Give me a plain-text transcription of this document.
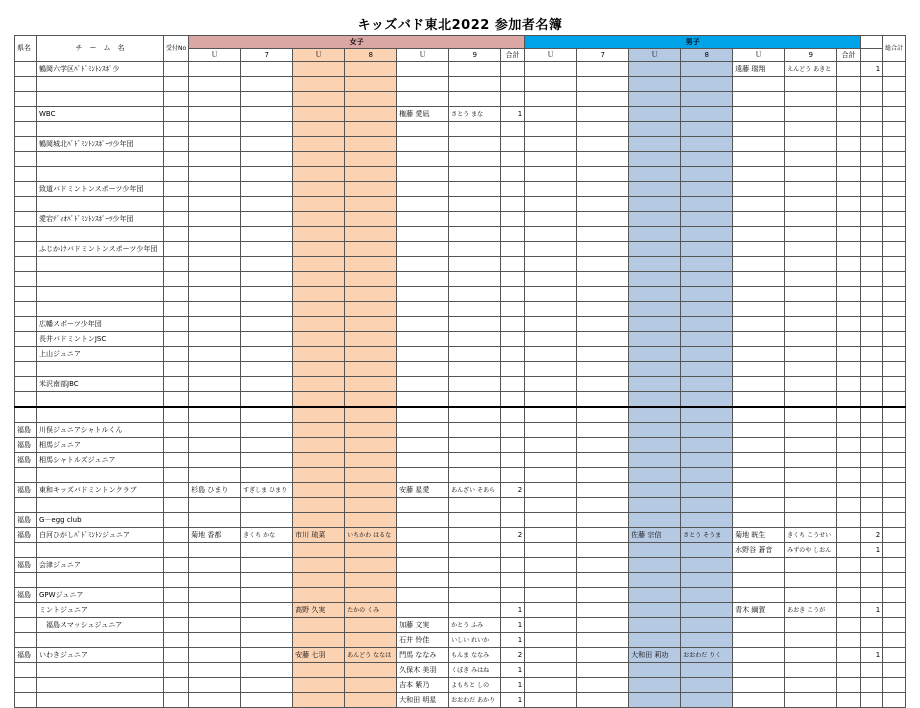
キッズバド東北2022 参加者名簿
県名	チ　ー　ム　名	受付No	女子							男子								総合計
			Ｕ	7	Ｕ	8	Ｕ	9	合計	Ｕ	7	Ｕ	8	Ｕ	9	合計		
	鶴岡六学区ﾊﾞﾄﾞﾐﾝﾄﾝｽﾎﾟ少													遠藤 瑞翔	えんどう あきと		1	

	WBC						権藤 愛凪	さとう まな	1									

	鶴岡城北ﾊﾞﾄﾞﾐﾝﾄﾝｽﾎﾟｰﾂ少年団																	

	致道バドミントンスポーツ少年団																	

	愛宕ﾃﾞｨｵﾊﾞﾄﾞﾐﾝﾄﾝｽﾎﾟｰﾂ少年団																	

	ふじかけバドミントンスポーツ少年団																	

	広幡スポーツ少年団																	
	長井バドミントンJSC																	
	上山ジュニア																	

	米沢南部JBC																	

福島	川俣ジュニアシャトルくん																	
福島	相馬ジュニア																	
福島	相馬シャトルズジュニア																	

福島	東和キッズバドミントンクラブ		杉島 ひまり	すぎしま ひまり			安藤 星愛	あんざい そあら	2									

福島	G－egg club																	
福島	白河ひがしﾊﾞﾄﾞﾐﾝﾄﾝジュニア		菊地 香都	きくち かな	市川 琉菜	いちかわ はるな			2			佐藤 宗信	さとう そうま	菊地 晄生	きくち こうせい		2	
														水野谷 蒼音	みずのや しおん		1	
福島	会津ジュニア																	

福島	GPWジュニア																	
	ミントジュニア				高野 久実	たかの くみ			1					青木 綱賀	あおき こうが		1	
	　福島スマッシュジュニア						加藤 文実	かとう ふみ	1									
							石井 怜佳	いしい れいか	1									
福島	いわきジュニア				安藤 七羽	あんどう ななは	門馬 ななみ	もんま ななみ	2			大和田 莉功	おおわだ りく				1	
							久保木 美羽	くぼき みはね	1									
							吉本 紫乃	よもちと しの	1									
							大和田 明星	おおわだ あかり	1									
